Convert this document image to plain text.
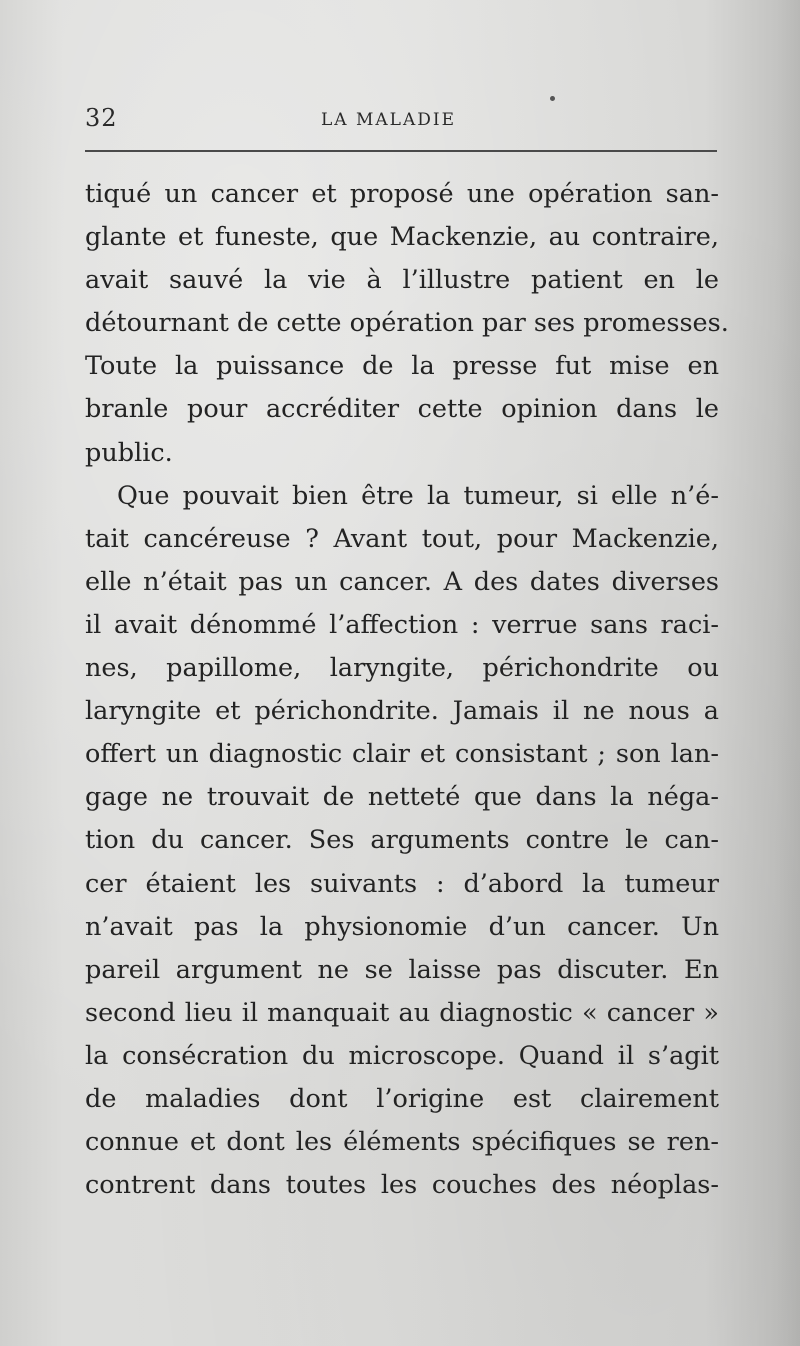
32	LA MALADIE
tiqué un cancer et proposé une opération san-
glante et funeste, que Mackenzie, au contraire,
avait sauvé la vie à l’illustre patient en le
détournant de cette opération par ses promesses.
Toute la puissance de la presse fut mise en
branle pour accréditer cette opinion dans le
public.
Que pouvait bien être la tumeur, si elle n’é-
tait cancéreuse ? Avant tout, pour Mackenzie,
elle n’était pas un cancer. A des dates diverses
il avait dénommé l’affection : verrue sans raci-
nes, papillome, laryngite, périchondrite ou
laryngite et périchondrite. Jamais il ne nous a
offert un diagnostic clair et consistant ; son lan-
gage ne trouvait de netteté que dans la néga-
tion du cancer. Ses arguments contre le can-
cer étaient les suivants : d’abord la tumeur
n’avait pas la physionomie d’un cancer. Un
pareil argument ne se laisse pas discuter. En
second lieu il manquait au diagnostic « cancer »
la consécration du microscope. Quand il s’agit
de maladies dont l’origine est clairement
connue et dont les éléments spécifiques se ren-
contrent dans toutes les couches des néoplas-
